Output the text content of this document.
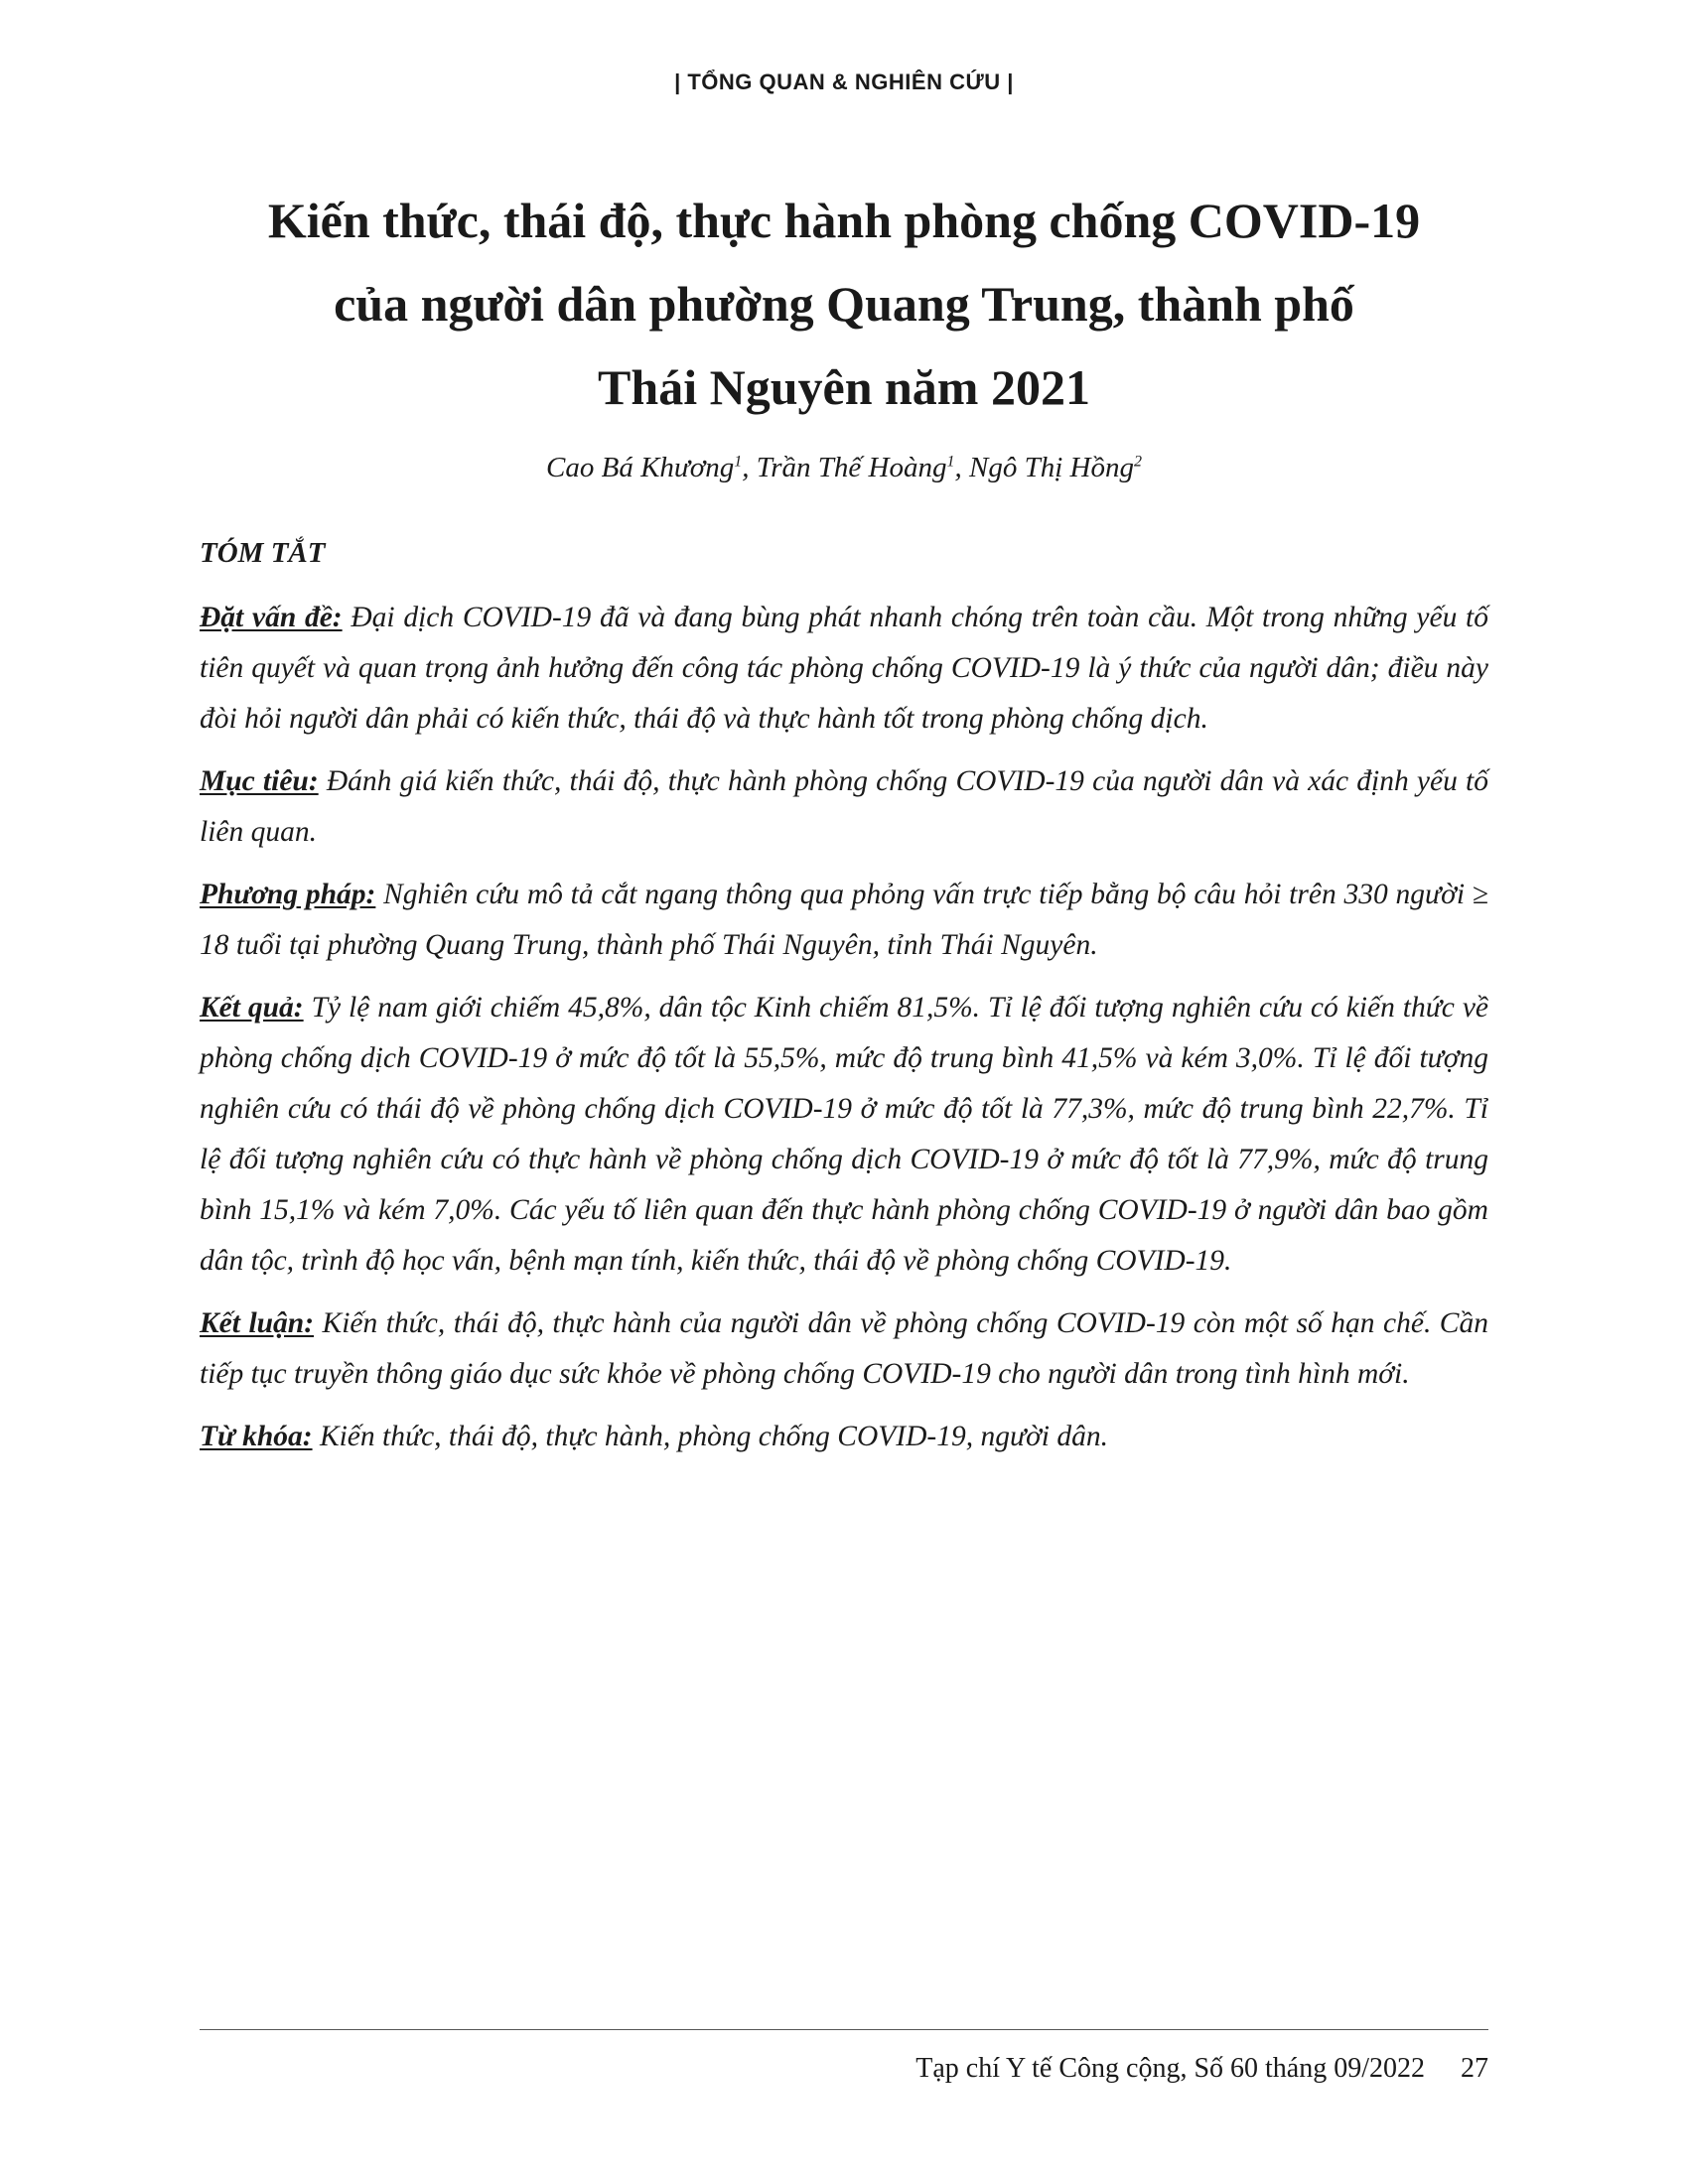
| TỔNG QUAN & NGHIÊN CỨU |
Kiến thức, thái độ, thực hành phòng chống COVID-19
của người dân phường Quang Trung, thành phố
Thái Nguyên năm 2021
Cao Bá Khương$^1$, Trần Thế Hoàng$^1$, Ngô Thị Hồng$^2$
TÓM TẮT

Đặt vấn đề: Đại dịch COVID-19 đã và đang bùng phát nhanh chóng trên toàn cầu. Một trong những yếu tố tiên quyết và quan trọng ảnh hưởng đến công tác phòng chống COVID-19 là ý thức của người dân; điều này đòi hỏi người dân phải có kiến thức, thái độ và thực hành tốt trong phòng chống dịch.

Mục tiêu: Đánh giá kiến thức, thái độ, thực hành phòng chống COVID-19 của người dân và xác định yếu tố liên quan.

Phương pháp: Nghiên cứu mô tả cắt ngang thông qua phỏng vấn trực tiếp bằng bộ câu hỏi trên 330 người ≥ 18 tuổi tại phường Quang Trung, thành phố Thái Nguyên, tỉnh Thái Nguyên.

Kết quả: Tỷ lệ nam giới chiếm 45,8%, dân tộc Kinh chiếm 81,5%. Tỉ lệ đối tượng nghiên cứu có kiến thức về phòng chống dịch COVID-19 ở mức độ tốt là 55,5%, mức độ trung bình 41,5% và kém 3,0%. Tỉ lệ đối tượng nghiên cứu có thái độ về phòng chống dịch COVID-19 ở mức độ tốt là 77,3%, mức độ trung bình 22,7%. Tỉ lệ đối tượng nghiên cứu có thực hành về phòng chống dịch COVID-19 ở mức độ tốt là 77,9%, mức độ trung bình 15,1% và kém 7,0%. Các yếu tố liên quan đến thực hành phòng chống COVID-19 ở người dân bao gồm dân tộc, trình độ học vấn, bệnh mạn tính, kiến thức, thái độ về phòng chống COVID-19.

Kết luận: Kiến thức, thái độ, thực hành của người dân về phòng chống COVID-19 còn một số hạn chế. Cần tiếp tục truyền thông giáo dục sức khỏe về phòng chống COVID-19 cho người dân trong tình hình mới.

Từ khóa: Kiến thức, thái độ, thực hành, phòng chống COVID-19, người dân.

Tạp chí Y tế Công cộng, Số 60 tháng 09/2022 27
